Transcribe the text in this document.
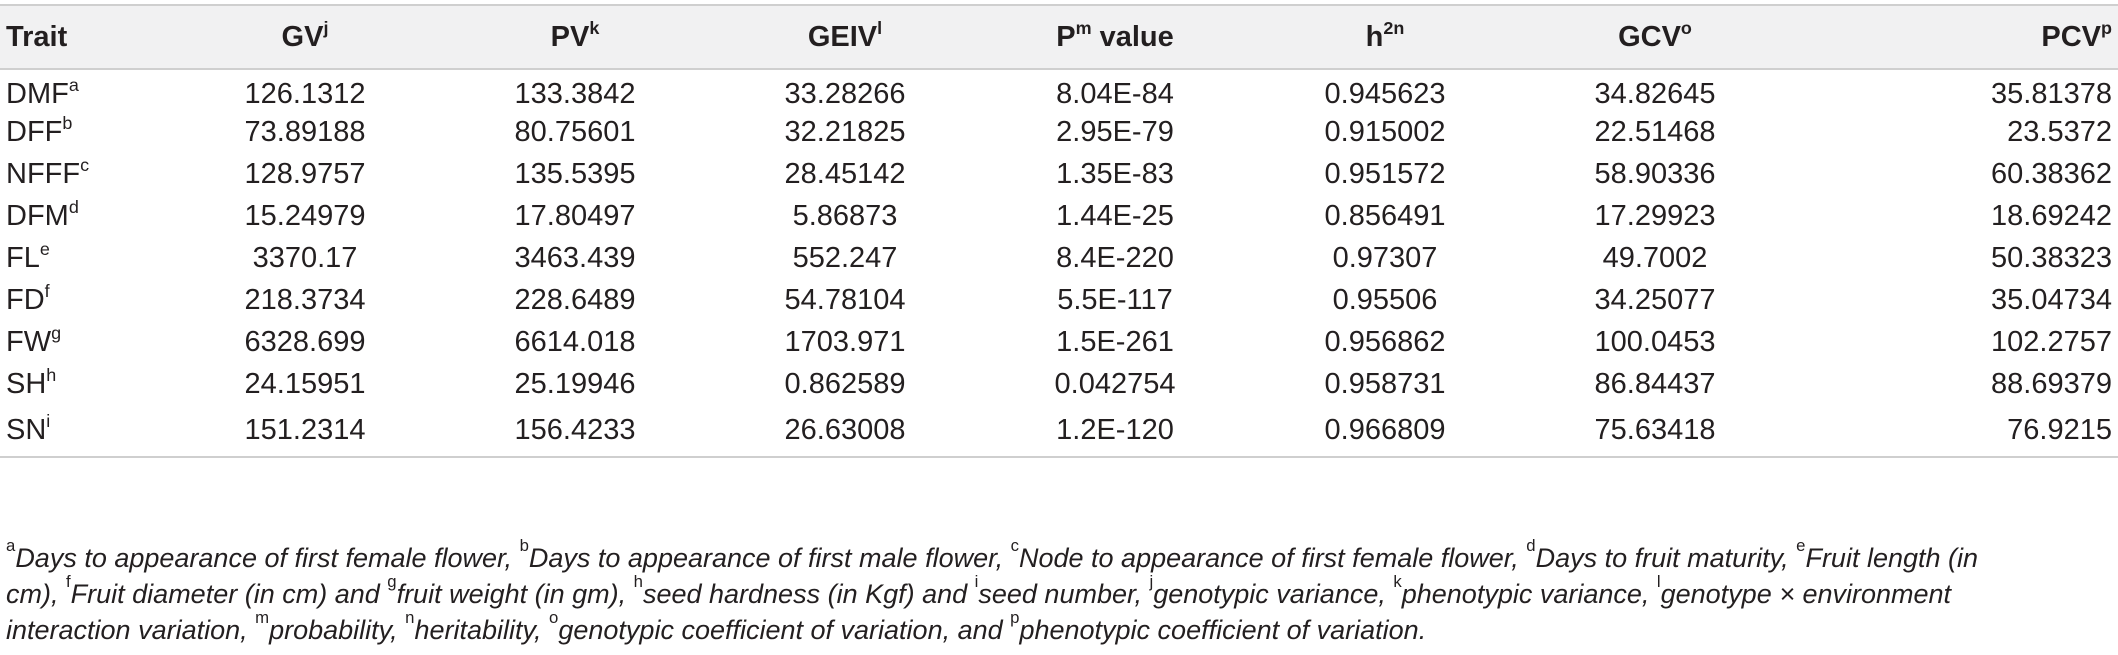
Trait	$GV^j$	$PV^k$	GEIV$^l$	$P^m$ value	$h^{2n}$	GCV$^o$	PCV$^p$
DMF$^a$	126.1312	133.3842	33.28266	8.04E-84	0.945623	34.82645	35.81378
DFF$^b$	73.89188	80.75601	32.21825	2.95E-79	0.915002	22.51468	23.5372
NFFF$^c$	128.9757	135.5395	28.45142	1.35E-83	0.951572	58.90336	60.38362
DFM$^d$	15.24979	17.80497	5.86873	1.44E-25	0.856491	17.29923	18.69242
$FL^e$	3370.17	3463.439	552.247	8.4E-220	0.97307	49.7002	50.38323
$FD^f$	218.3734	228.6489	54.78104	5.5E-117	0.95506	34.25077	35.04734
$FW^g$	6328.699	6614.018	1703.971	1.5E-261	0.956862	100.0453	102.2757
$SH^h$	24.15951	25.19946	0.862589	0.042754	0.958731	86.84437	88.69379
$SN^i$	151.2314	156.4233	26.63008	1.2E-120	0.966809	75.63418	76.9215
$^a$Days to appearance of first female flower, $^b$Days to appearance of first male flower, $^c$Node to appearance of first female flower, $^d$Days to fruit maturity, $^e$Fruit length (in
cm), $^f$Fruit diameter (in cm) and $^g$fruit weight (in gm), $^h$seed hardness (in Kgf) and $^i$seed number, $^j$genotypic variance, $^k$phenotypic variance, $^l$genotype × environment
interaction variation, $^m$probability, $^n$heritability, $^o$genotypic coefficient of variation, and $^p$phenotypic coefficient of variation.
